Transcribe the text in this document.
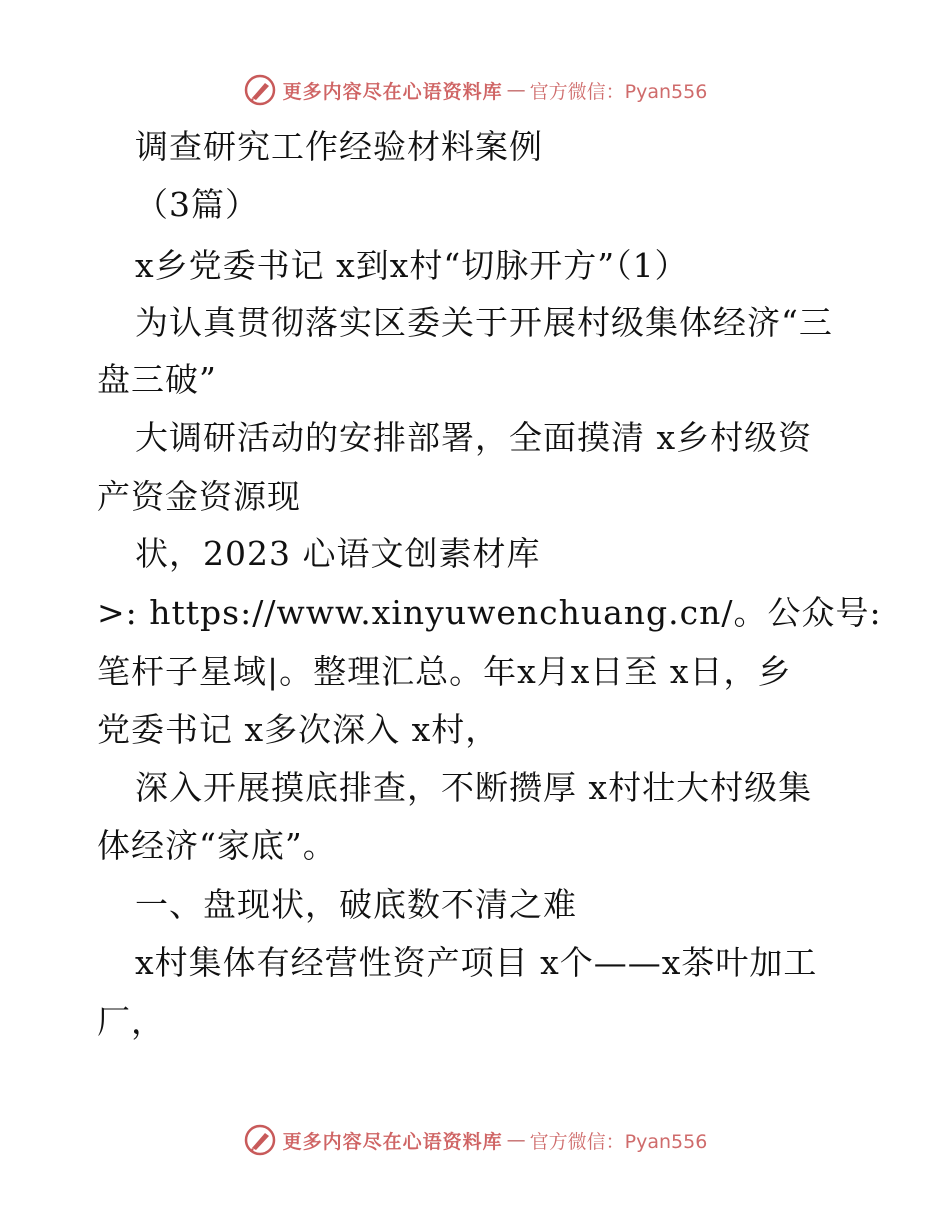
更多内容尽在心语资料库 — 官方微信：Pyan556
调查研究工作经验材料案例
（3篇）
x乡党委书记 x到x村“切脉开方”（1）
为认真贯彻落实区委关于开展村级集体经济“三
盘三破”
大调研活动的安排部署，全面摸清 x乡村级资
产资金资源现
状，2023 心语文创素材库
>: https://www.xinyuwenchuang.cn/。公众号:
笔杆子星域|。整理汇总。年x月x日至 x日，乡
党委书记 x多次深入 x村，
深入开展摸底排查，不断攒厚 x村壮大村级集
体经济“家底”。
一、盘现状，破底数不清之难
x村集体有经营性资产项目 x个——x茶叶加工
厂，
更多内容尽在心语资料库 — 官方微信：Pyan556
